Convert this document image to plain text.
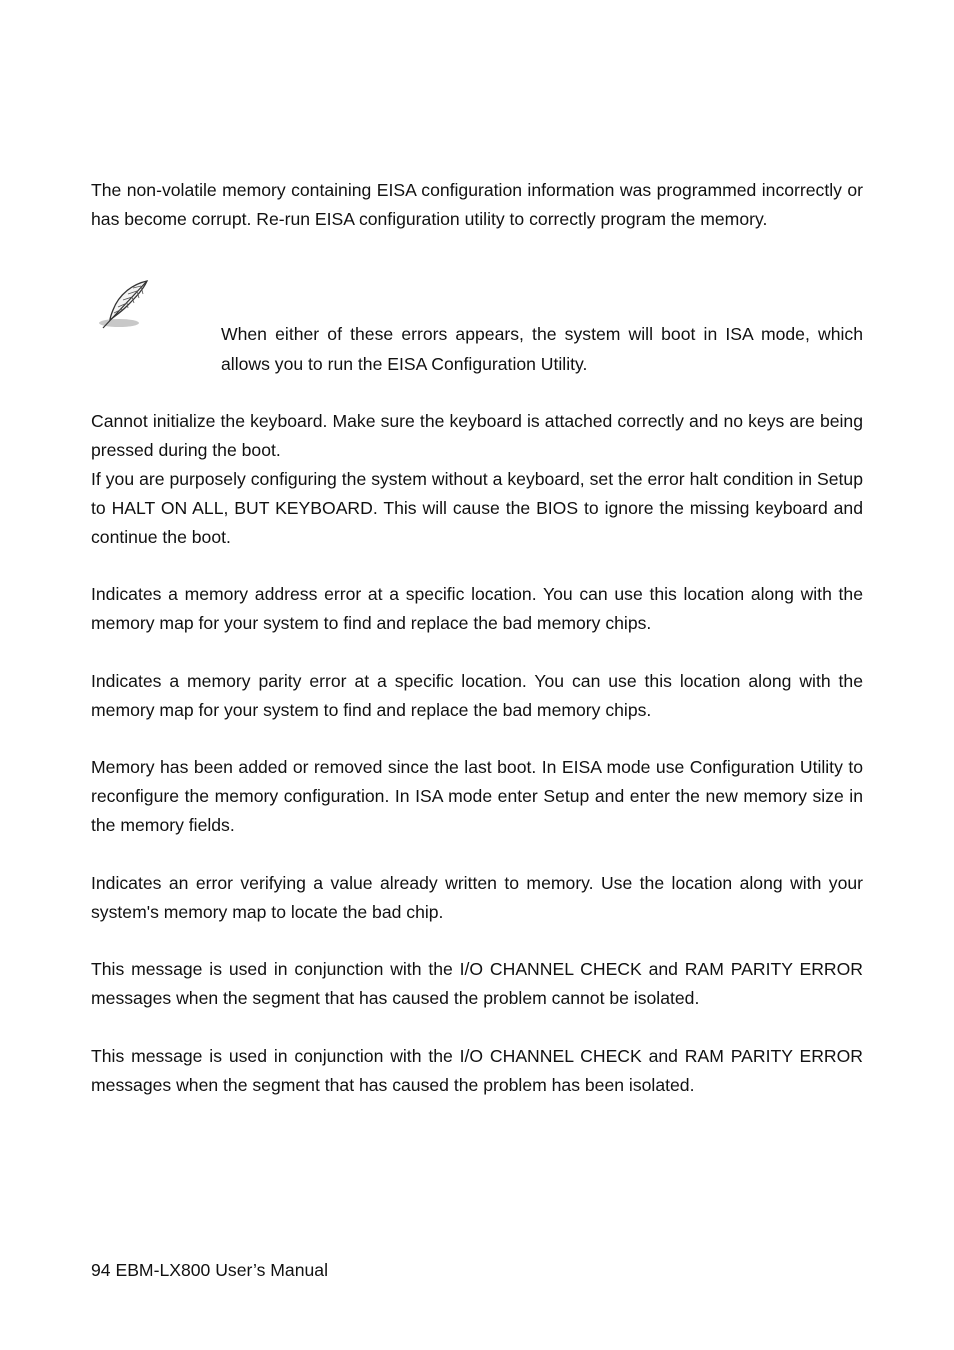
The non-volatile memory containing EISA configuration information was programmed incorrectly or has become corrupt. Re-run EISA configuration utility to correctly program the memory.

When either of these errors appears, the system will boot in ISA mode, which allows you to run the EISA Configuration Utility.

Cannot initialize the keyboard. Make sure the keyboard is attached correctly and no keys are being pressed during the boot.

If you are purposely configuring the system without a keyboard, set the error halt condition in Setup to HALT ON ALL, BUT KEYBOARD. This will cause the BIOS to ignore the missing keyboard and continue the boot.

Indicates a memory address error at a specific location. You can use this location along with the memory map for your system to find and replace the bad memory chips.

Indicates a memory parity error at a specific location. You can use this location along with the memory map for your system to find and replace the bad memory chips.

Memory has been added or removed since the last boot. In EISA mode use Configuration Utility to reconfigure the memory configuration. In ISA mode enter Setup and enter the new memory size in the memory fields.

Indicates an error verifying a value already written to memory. Use the location along with your system's memory map to locate the bad chip.

This message is used in conjunction with the I/O CHANNEL CHECK and RAM PARITY ERROR messages when the segment that has caused the problem cannot be isolated.

This message is used in conjunction with the I/O CHANNEL CHECK and RAM PARITY ERROR messages when the segment that has caused the problem has been isolated.

94 EBM-LX800 User’s Manual
